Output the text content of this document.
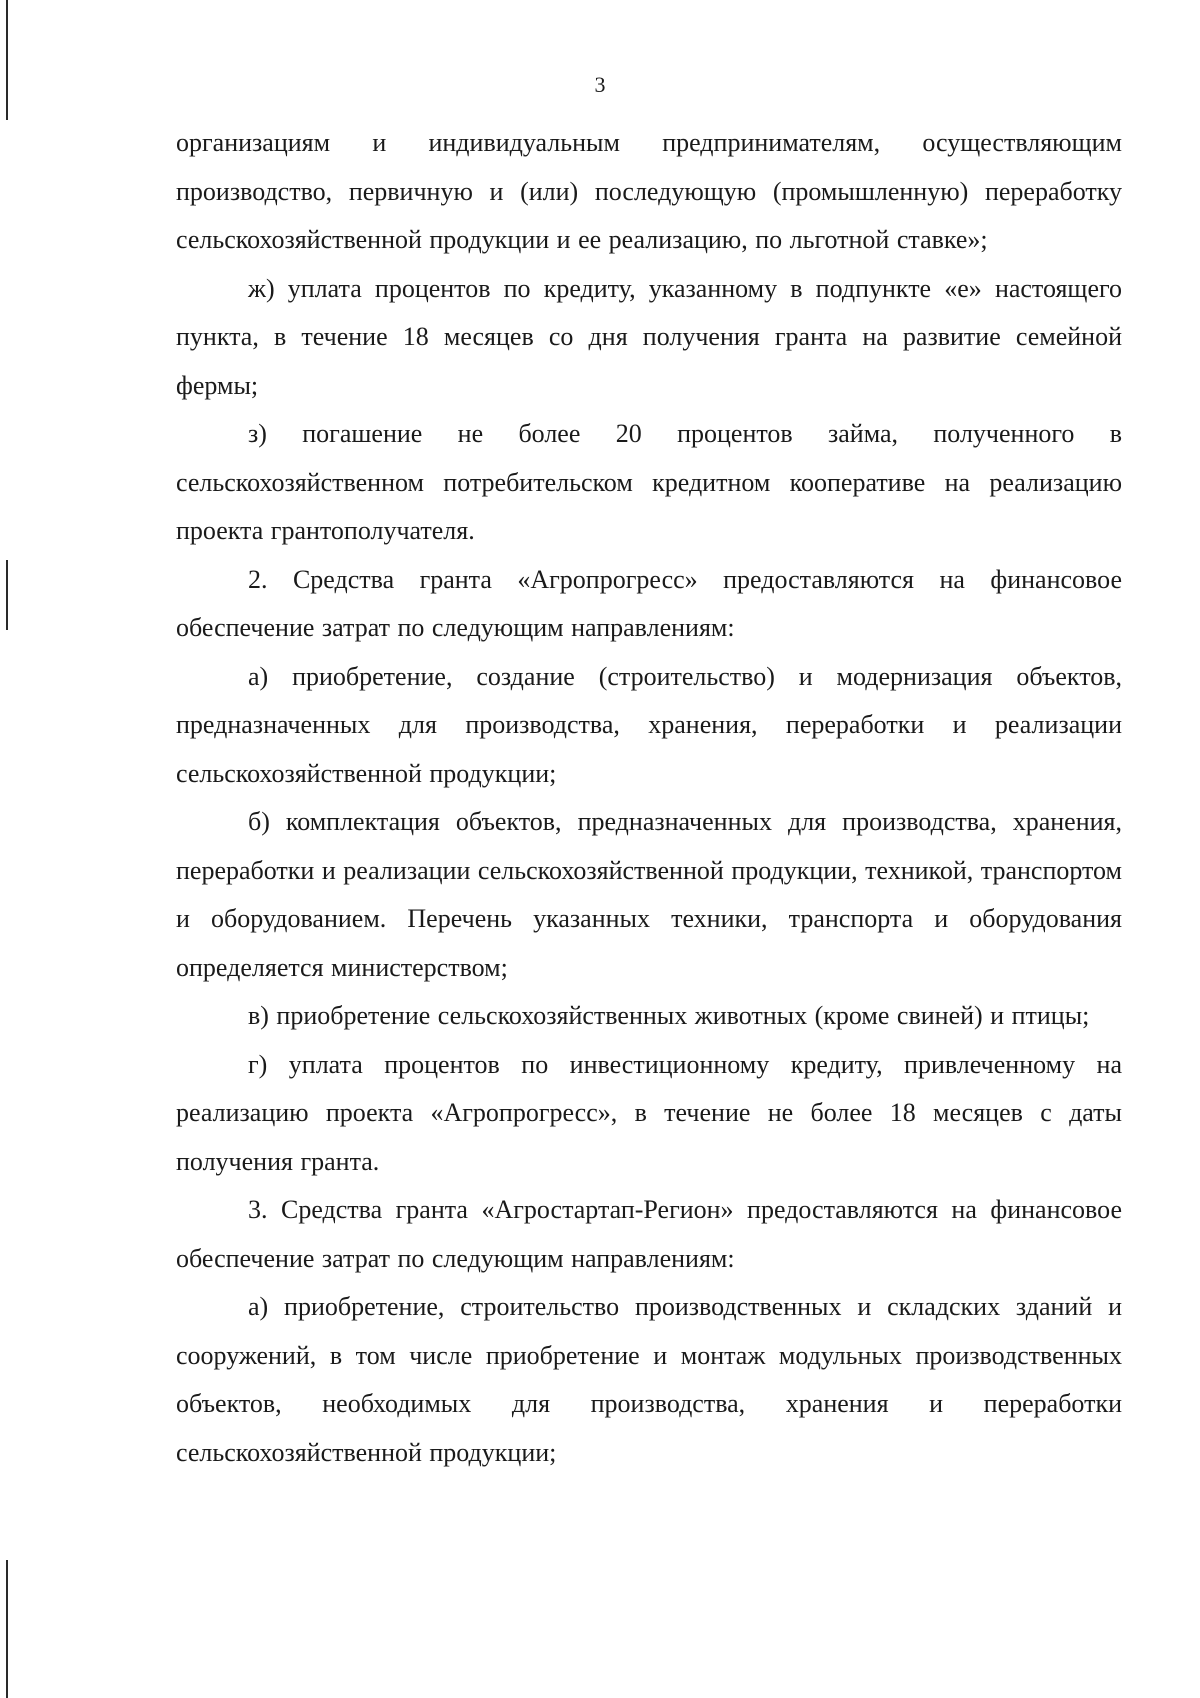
3

организациям и индивидуальным предпринимателям, осуществляющим производство, первичную и (или) последующую (промышленную) переработку сельскохозяйственной продукции и ее реализацию, по льготной ставке»;

ж) уплата процентов по кредиту, указанному в подпункте «е» настоящего пункта, в течение 18 месяцев со дня получения гранта на развитие семейной фермы;

з) погашение не более 20 процентов займа, полученного в сельскохозяйственном потребительском кредитном кооперативе на реализацию проекта грантополучателя.

2. Средства гранта «Агропрогресс» предоставляются на финансовое обеспечение затрат по следующим направлениям:

а) приобретение, создание (строительство) и модернизация объектов, предназначенных для производства, хранения, переработки и реализации сельскохозяйственной продукции;

б) комплектация объектов, предназначенных для производства, хранения, переработки и реализации сельскохозяйственной продукции, техникой, транспортом и оборудованием. Перечень указанных техники, транспорта и оборудования определяется министерством;

в) приобретение сельскохозяйственных животных (кроме свиней) и птицы;

г) уплата процентов по инвестиционному кредиту, привлеченному на реализацию проекта «Агропрогресс», в течение не более 18 месяцев с даты получения гранта.

3. Средства гранта «Агростартап-Регион» предоставляются на финансовое обеспечение затрат по следующим направлениям:

а) приобретение, строительство производственных и складских зданий и сооружений, в том числе приобретение и монтаж модульных производственных объектов, необходимых для производства, хранения и переработки сельскохозяйственной продукции;
